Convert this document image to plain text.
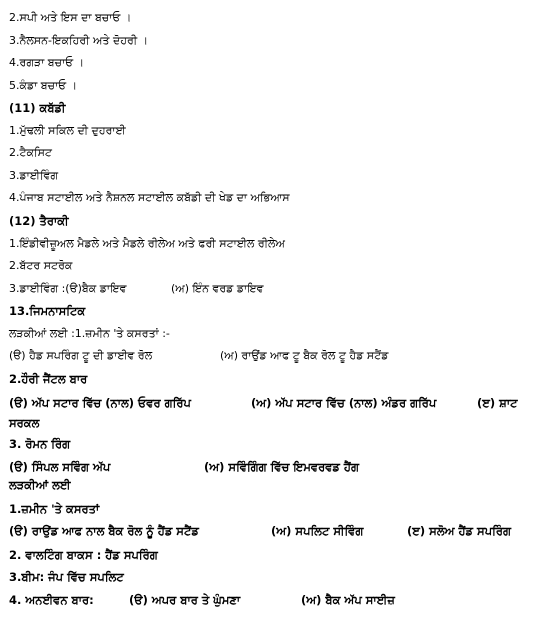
2.ਸਪੀ ਅਤੇ ਇਸ ਦਾ ਬਚਾਓ ।
3.ਨੈਲਸਨ-ਇਕਹਿਰੀ ਅਤੇ ਦੋਹਰੀ ।
4.ਰਗੜਾ ਬਚਾਓ ।
5.ਕੰਡਾ ਬਚਾਓ ।
(11) ਕਬੱਡੀ
1.ਮੁੱਢਲੀ ਸਕਿਲ ਦੀ ਦੁਹਰਾਈ
2.ਟੈਕਸਿਟ
3.ਡਾਈਵਿੰਗ
4.ਪੰਜਾਬ ਸਟਾਈਲ ਅਤੇ ਨੈਸ਼ਨਲ ਸਟਾਈਲ ਕਬੱਡੀ ਦੀ ਖੇਡ ਦਾ ਅਭਿਆਸ
(12) ਤੈਰਾਕੀ
1.ਇੰਡੀਵੀਜ਼ੂਅਲ ਮੈਡਲੇ ਅਤੇ ਮੈਡਲੇ ਰੀਲੇਅ ਅਤੇ ਫਰੀ ਸਟਾਈਲ ਰੀਲੇਅ
2.ਬੱਟਰ ਸਟਰੋਕ
3.ਡਾਈਵਿੰਗ :(ੳ)ਬੈਕ ਡਾਇਵ	(ਅ) ਇੰਨ ਵਰਡ ਡਾਇਵ
13.ਜਿਮਨਾਸਟਿਕ
ਲੜਕੀਆਂ ਲਈ :1.ਜ਼ਮੀਨ 'ਤੇ ਕਸਰਤਾਂ :-
(ੳ) ਹੈਡ ਸਪਰਿੰਗ ਟੂ ਦੀ ਡਾਈਵ ਰੋਲ	(ਅ) ਰਾਉਂਡ ਆਫ ਟੂ ਬੈਕ ਰੋਲ ਟੂ ਹੈਡ ਸਟੈਂਡ
2.ਹੌਰੀ ਜੈਂਟਲ ਬਾਰ
(ੳ) ਅੱਪ ਸਟਾਰ ਵਿੱਚ (ਨਾਲ) ਓਵਰ ਗਰਿੱਪ	(ਅ) ਅੱਪ ਸਟਾਰ ਵਿੱਚ (ਨਾਲ) ਅੰਡਰ ਗਰਿੱਪ	(ੲ) ਸ਼ਾਟ
ਸਰਕਲ
3. ਰੋਮਨ ਰਿੰਗ
(ੳ) ਸਿੰਪਲ ਸਵਿੰਗ ਅੱਪ	(ਅ) ਸਵਿੰਗਿੰਗ ਵਿੱਚ ਇਮਵਰਵਡ ਹੈਂਗ
ਲੜਕੀਆਂ ਲਈ
1.ਜ਼ਮੀਨ 'ਤੇ ਕਸਰਤਾਂ
(ੳ) ਰਾਉਂਡ ਆਫ ਨਾਲ ਬੈਕ ਰੋਲ ਨੂੰ ਹੈਂਡ ਸਟੈਂਡ	(ਅ) ਸਪਲਿਟ ਸੀਵਿੰਗ	(ੲ) ਸਲੋਅ ਹੈਂਡ ਸਪਰਿੰਗ
2. ਵਾਲਟਿੰਗ ਬਾਕਸ : ਹੈਂਡ ਸਪਰਿੰਗ
3.ਬੀਮ: ਜੰਪ ਵਿੱਚ ਸਪਲਿਟ
4. ਅਨਈਵਨ ਬਾਰ:	(ੳ) ਅਪਰ ਬਾਰ ਤੇ ਘੁੰਮਣਾ	(ਅ) ਬੈਕ ਅੱਪ ਸਾਈਜ਼
